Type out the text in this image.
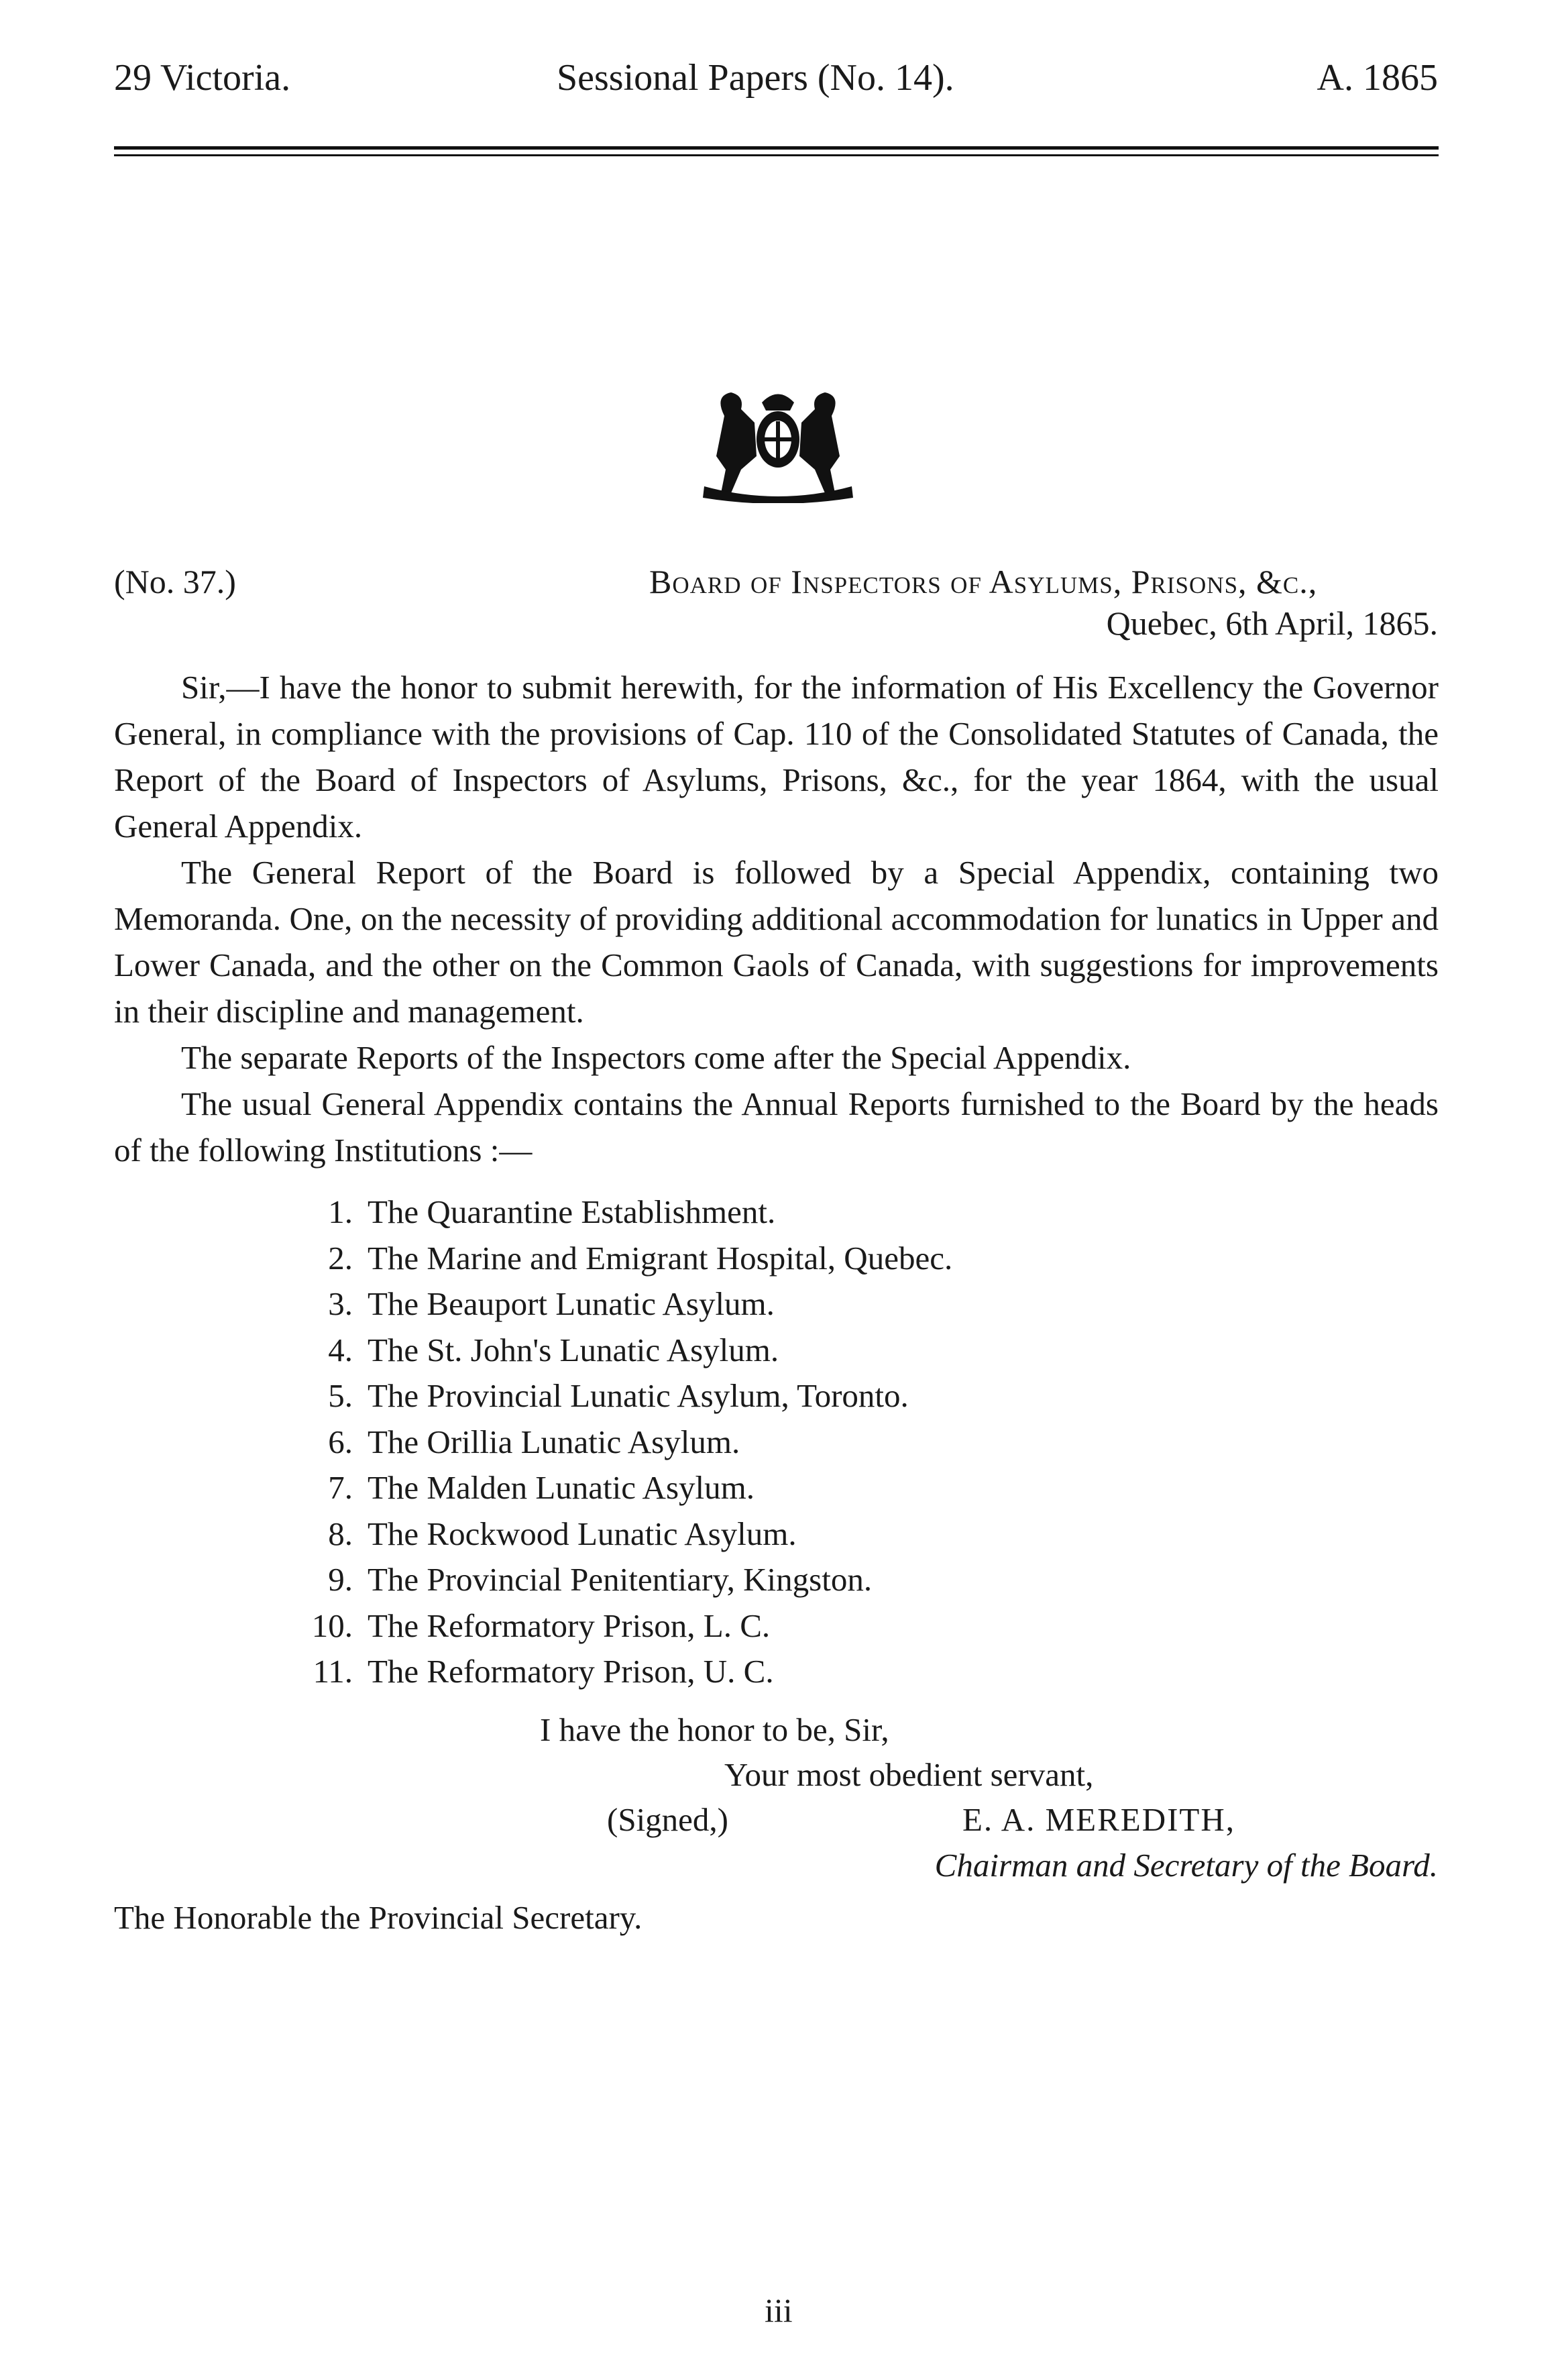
29 Victoria.	Sessional Papers (No. 14).	A. 1865
(No. 37.)	Board of Inspectors of Asylums, Prisons, &c.,
Quebec, 6th April, 1865.

Sir,—I have the honor to submit herewith, for the information of His Excellency the Governor General, in compliance with the provisions of Cap. 110 of the Consolidated Statutes of Canada, the Report of the Board of Inspectors of Asylums, Prisons, &c., for the year 1864, with the usual General Appendix.

The General Report of the Board is followed by a Special Appendix, containing two Memoranda. One, on the necessity of providing additional accommodation for lunatics in Upper and Lower Canada, and the other on the Common Gaols of Canada, with suggestions for improvements in their discipline and management.

The separate Reports of the Inspectors come after the Special Appendix.

The usual General Appendix contains the Annual Reports furnished to the Board by the heads of the following Institutions :—

1. The Quarantine Establishment.
2. The Marine and Emigrant Hospital, Quebec.
3. The Beauport Lunatic Asylum.
4. The St. John's Lunatic Asylum.
5. The Provincial Lunatic Asylum, Toronto.
6. The Orillia Lunatic Asylum.
7. The Malden Lunatic Asylum.
8. The Rockwood Lunatic Asylum.
9. The Provincial Penitentiary, Kingston.
10. The Reformatory Prison, L. C.
11. The Reformatory Prison, U. C.
I have the honor to be, Sir,
Your most obedient servant,
(Signed,)	E. A. MEREDITH,
Chairman and Secretary of the Board.
The Honorable the Provincial Secretary.
iii
